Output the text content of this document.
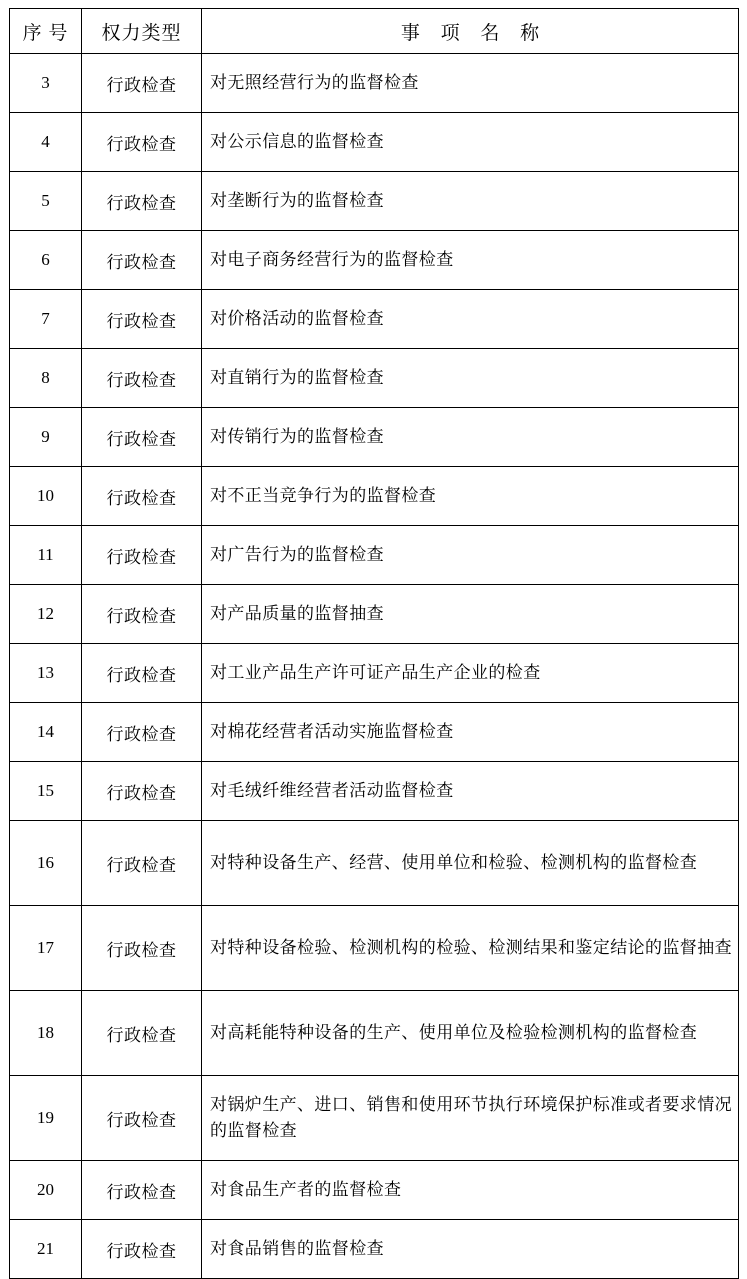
序 号	权力类型	事 项 名 称
3	行政检查	对无照经营行为的监督检查
4	行政检查	对公示信息的监督检查
5	行政检查	对垄断行为的监督检查
6	行政检查	对电子商务经营行为的监督检查
7	行政检查	对价格活动的监督检查
8	行政检查	对直销行为的监督检查
9	行政检查	对传销行为的监督检查
10	行政检查	对不正当竞争行为的监督检查
11	行政检查	对广告行为的监督检查
12	行政检查	对产品质量的监督抽查
13	行政检查	对工业产品生产许可证产品生产企业的检查
14	行政检查	对棉花经营者活动实施监督检查
15	行政检查	对毛绒纤维经营者活动监督检查
16	行政检查	对特种设备生产、经营、使用单位和检验、检测机构的监督检查
17	行政检查	对特种设备检验、检测机构的检验、检测结果和鉴定结论的监督抽查
18	行政检查	对高耗能特种设备的生产、使用单位及检验检测机构的监督检查
19	行政检查	对锅炉生产、进口、销售和使用环节执行环境保护标准或者要求情况的监督检查
20	行政检查	对食品生产者的监督检查
21	行政检查	对食品销售的监督检查
